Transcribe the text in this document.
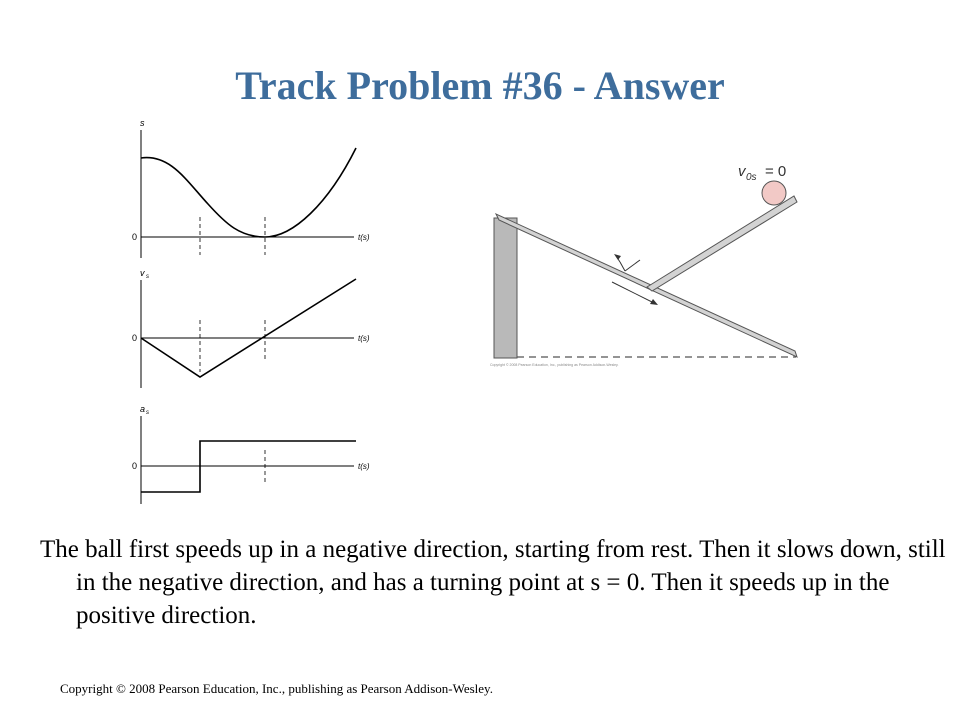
Track Problem #36 - Answer
s
0	t(s)
v s
0	t(s)
a s
0	t(s)
v 0s = 0
Copyright © 2008 Pearson Education, Inc., publishing as Pearson Addison-Wesley.
The ball first speeds up in a negative direction, starting from rest. Then it slows down, still in the negative direction, and has a turning point at s = 0. Then it speeds up in the positive direction.
Copyright © 2008 Pearson Education, Inc., publishing as Pearson Addison-Wesley.
